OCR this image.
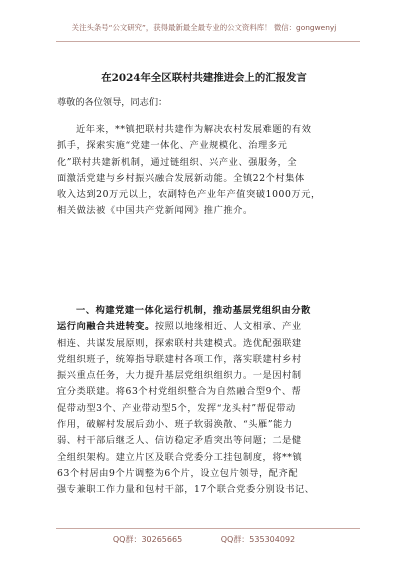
关注头条号“公文研究”，获得最新最全最专业的公文资料库！ 微信：gongwenyj
在2024年全区联村共建推进会上的汇报发言
尊敬的各位领导，同志们：
近年来，**镇把联村共建作为解决农村发展难题的有效
抓手，探索实施“党建一体化、产业规模化、治理多元
化”联村共建新机制，通过链组织、兴产业、强服务，全
面激活党建与乡村振兴融合发展新动能。全镇22个村集体
收入达到20万元以上，农副特色产业年产值突破1000万元，
相关做法被《中国共产党新闻网》推广推介。
一、构建党建一体化运行机制，推动基层党组织由分散
运行向融合共进转变。按照以地缘相近、人文相承、产业
相连、共谋发展原则，探索联村共建模式。选优配强联建
党组织班子，统筹指导联建村各项工作，落实联建村乡村
振兴重点任务，大力提升基层党组织组织力。一是因村制
宜分类联建。将63个村党组织整合为自然融合型9个、帮
促带动型3个、产业带动型5个，发挥“龙头村”帮促带动
作用，破解村发展后劲小、班子软弱涣散、“头雁”能力
弱、村干部后继乏人、信访稳定矛盾突出等问题；二是健
全组织架构。建立片区及联合党委分工挂包制度，将**镇
63个村居由9个片调整为6个片，设立包片领导，配齐配
强专兼职工作力量和包村干部，17个联合党委分别设书记、
QQ群：30265665	QQ群：535304092
